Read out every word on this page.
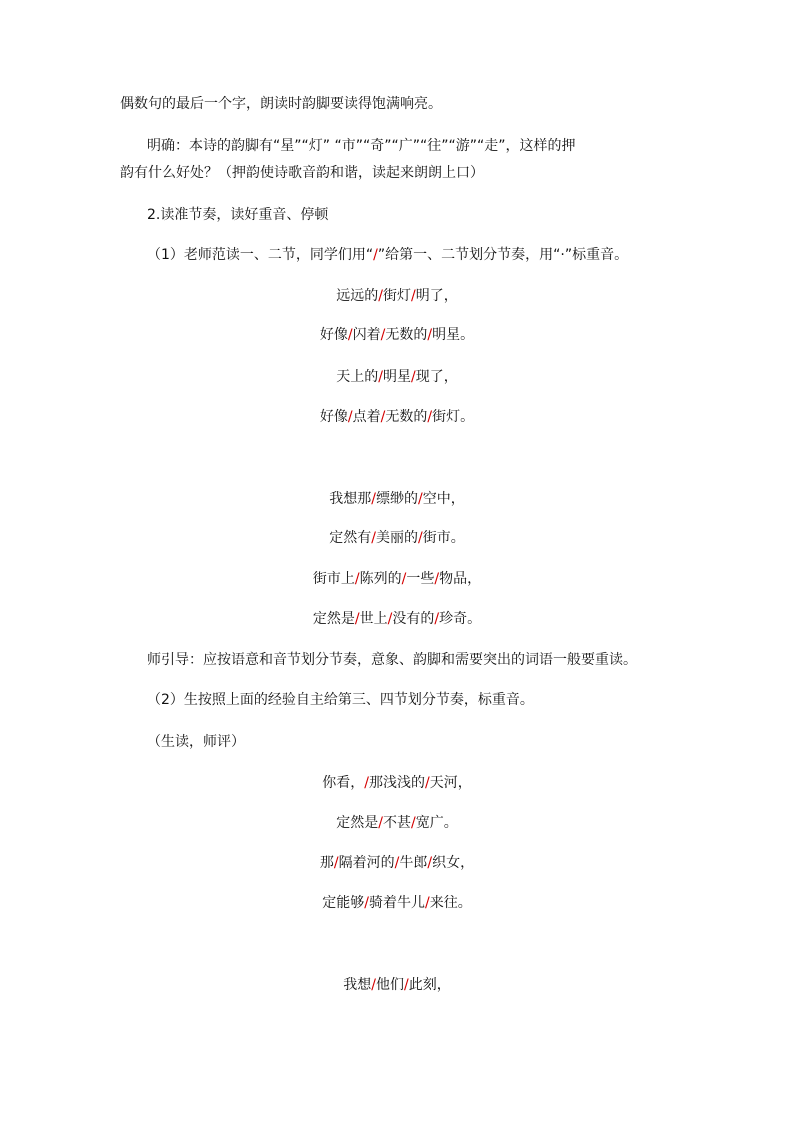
偶数句的最后一个字，朗读时韵脚要读得饱满响亮。
明确：本诗的韵脚有“星”“灯” “市”“奇”“广”“往”“游”“走”，这样的押
韵有什么好处？（押韵使诗歌音韵和谐，读起来朗朗上口）
2.读准节奏，读好重音、停顿
（1）老师范读一、二节，同学们用“/”给第一、二节划分节奏，用“·”标重音。
远远的/街灯/明了，
好像/闪着/无数的/明星。
天上的/明星/现了，
好像/点着/无数的/街灯。
我想那/缥缈的/空中，
定然有/美丽的/街市。
街市上/陈列的/一些/物品，
定然是/世上/没有的/珍奇。
师引导：应按语意和音节划分节奏，意象、韵脚和需要突出的词语一般要重读。
（2）生按照上面的经验自主给第三、四节划分节奏，标重音。
（生读，师评）
你看，/那浅浅的/天河，
定然是/不甚/宽广。
那/隔着河的/牛郎/织女，
定能够/骑着牛儿/来往。
我想/他们/此刻，
